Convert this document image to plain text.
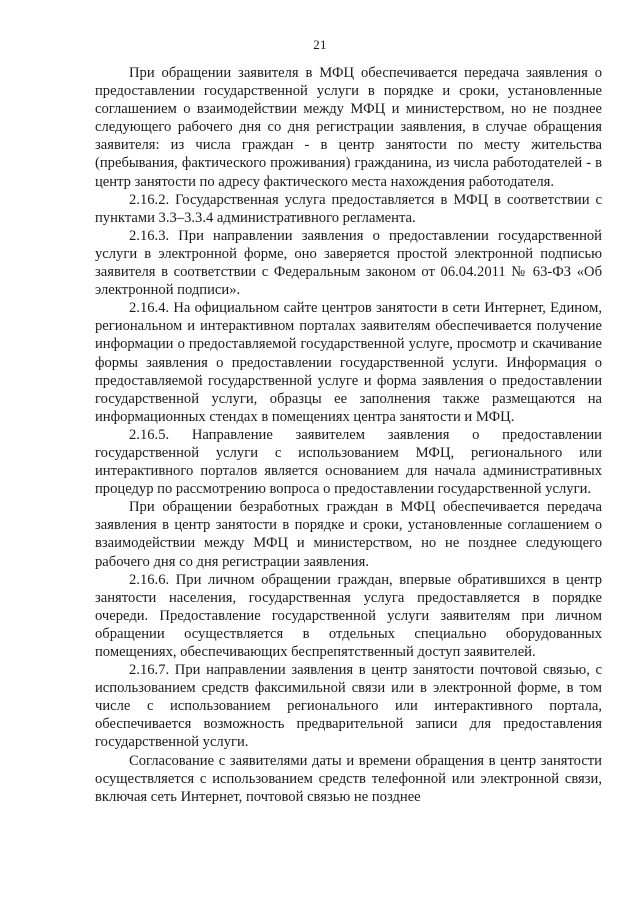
21

При обращении заявителя в МФЦ обеспечивается передача заявления о предоставлении государственной услуги в порядке и сроки, установленные соглашением о взаимодействии между МФЦ и министерством, но не позднее следующего рабочего дня со дня регистрации заявления, в случае обращения заявителя: из числа граждан - в центр занятости по месту жительства (пребывания, фактического проживания) гражданина, из числа работодателей - в центр занятости по адресу фактического места нахождения работодателя.

2.16.2. Государственная услуга предоставляется в МФЦ в соответствии с пунктами 3.3–3.3.4 административного регламента.

2.16.3. При направлении заявления о предоставлении государственной услуги в электронной форме, оно заверяется простой электронной подписью заявителя в соответствии с Федеральным законом от 06.04.2011 № 63-ФЗ «Об электронной подписи».

2.16.4. На официальном сайте центров занятости в сети Интернет, Едином, региональном и интерактивном порталах заявителям обеспечивается получение информации о предоставляемой государственной услуге, просмотр и скачивание формы заявления о предоставлении государственной услуги. Информация о предоставляемой государственной услуге и форма заявления о предоставлении государственной услуги, образцы ее заполнения также размещаются на информационных стендах в помещениях центра занятости и МФЦ.

2.16.5. Направление заявителем заявления о предоставлении государственной услуги с использованием МФЦ, регионального или интерактивного порталов является основанием для начала административных процедур по рассмотрению вопроса о предоставлении государственной услуги.

При обращении безработных граждан в МФЦ обеспечивается передача заявления в центр занятости в порядке и сроки, установленные соглашением о взаимодействии между МФЦ и министерством, но не позднее следующего рабочего дня со дня регистрации заявления.

2.16.6. При личном обращении граждан, впервые обратившихся в центр занятости населения, государственная услуга предоставляется в порядке очереди. Предоставление государственной услуги заявителям при личном обращении осуществляется в отдельных специально оборудованных помещениях, обеспечивающих беспрепятственный доступ заявителей.

2.16.7. При направлении заявления в центр занятости почтовой связью, с использованием средств факсимильной связи или в электронной форме, в том числе с использованием регионального или интерактивного портала, обеспечивается возможность предварительной записи для предоставления государственной услуги.

Согласование с заявителями даты и времени обращения в центр занятости осуществляется с использованием средств телефонной или электронной связи, включая сеть Интернет, почтовой связью не позднее
